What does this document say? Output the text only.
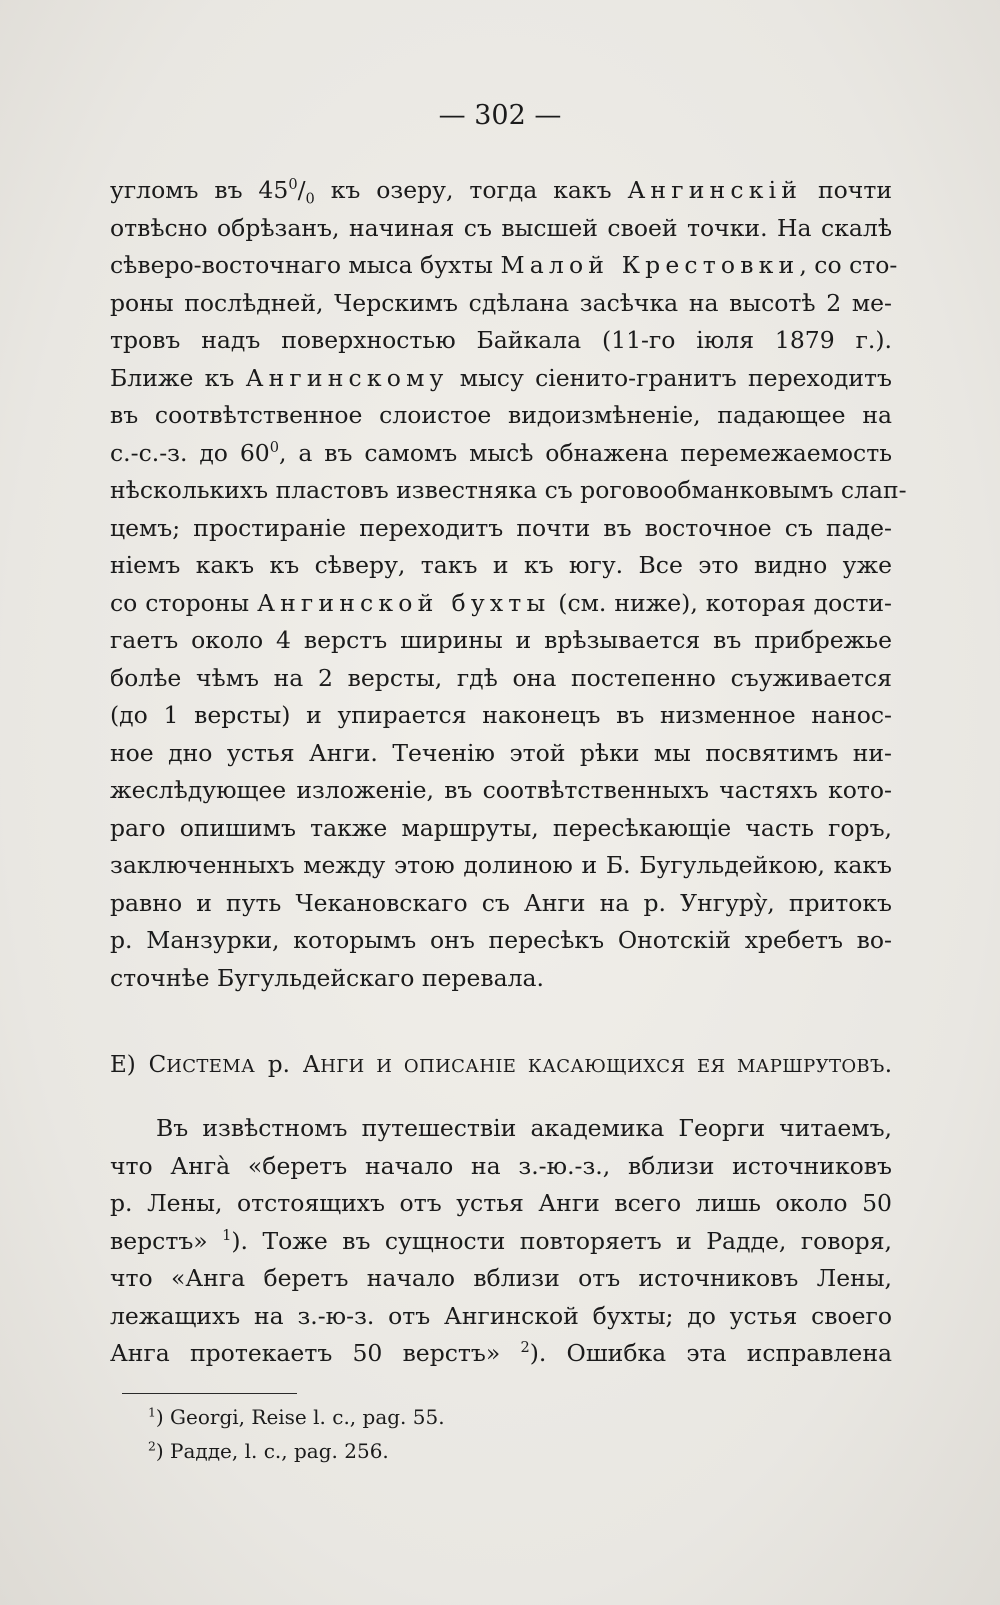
— 302 —
угломъ въ $45^0/_0$ къ озеру, тогда какъ Ангинскій почти
отвѣсно обрѣзанъ, начиная съ высшей своей точки. На скалѣ
сѣверо-восточнаго мыса бухты Малой Крестовки, со сто-
роны послѣдней, Черскимъ сдѣлана засѣчка на высотѣ 2 ме-
тровъ надъ поверхностью Байкала (11-го іюля 1879 г.).
Ближе къ Ангинскому мысу сіенито-гранитъ переходитъ
въ соотвѣтственное слоистое видоизмѣненіе, падающее на
с.-с.-з. до $60^0$, а въ самомъ мысѣ обнажена перемежаемость
нѣсколькихъ пластовъ известняка съ роговообманковымъ слап-
цемъ; простираніе переходитъ почти въ восточное съ паде-
ніемъ какъ къ сѣверу, такъ и къ югу. Все это видно уже
со стороны Ангинской бухты (см. ниже), которая дости-
гаетъ около 4 верстъ ширины и врѣзывается въ прибрежье
болѣе чѣмъ на 2 версты, гдѣ она постепенно съуживается
(до 1 версты) и упирается наконецъ въ низменное нанос-
ное дно устья Анги. Теченію этой рѣки мы посвятимъ ни-
жеслѣдующее изложеніе, въ соотвѣтственныхъ частяхъ кото-
раго опишимъ также маршруты, пересѣкающіе часть горъ,
заключенныхъ между этою долиною и Б. Бугульдейкою, какъ
равно и путь Чекановскаго съ Анги на р. Унгурỳ, притокъ
р. Манзурки, которымъ онъ пересѣкъ Онотскій хребетъ во-
сточнѣе Бугульдейскаго перевала.
Е) СИСТЕМА р. АНГИ И ОПИСАНІЕ КАСАЮЩИХСЯ ЕЯ МАРШРУТОВЪ.
Въ извѣстномъ путешествіи академика Георги читаемъ,
что Ангà «беретъ начало на з.-ю.-з., вблизи источниковъ
р. Лены, отстоящихъ отъ устья Анги всего лишь около 50
верстъ» $^1$). Тоже въ сущности повторяетъ и Радде, говоря,
что «Анга беретъ начало вблизи отъ источниковъ Лены,
лежащихъ на з.-ю-з. отъ Ангинской бухты; до устья своего
Анга протекаетъ 50 верстъ» $^2$). Ошибка эта исправлена
$^1$) Georgi, Reise l. c., pag. 55.
$^2$) Радде, l. c., pag. 256.
